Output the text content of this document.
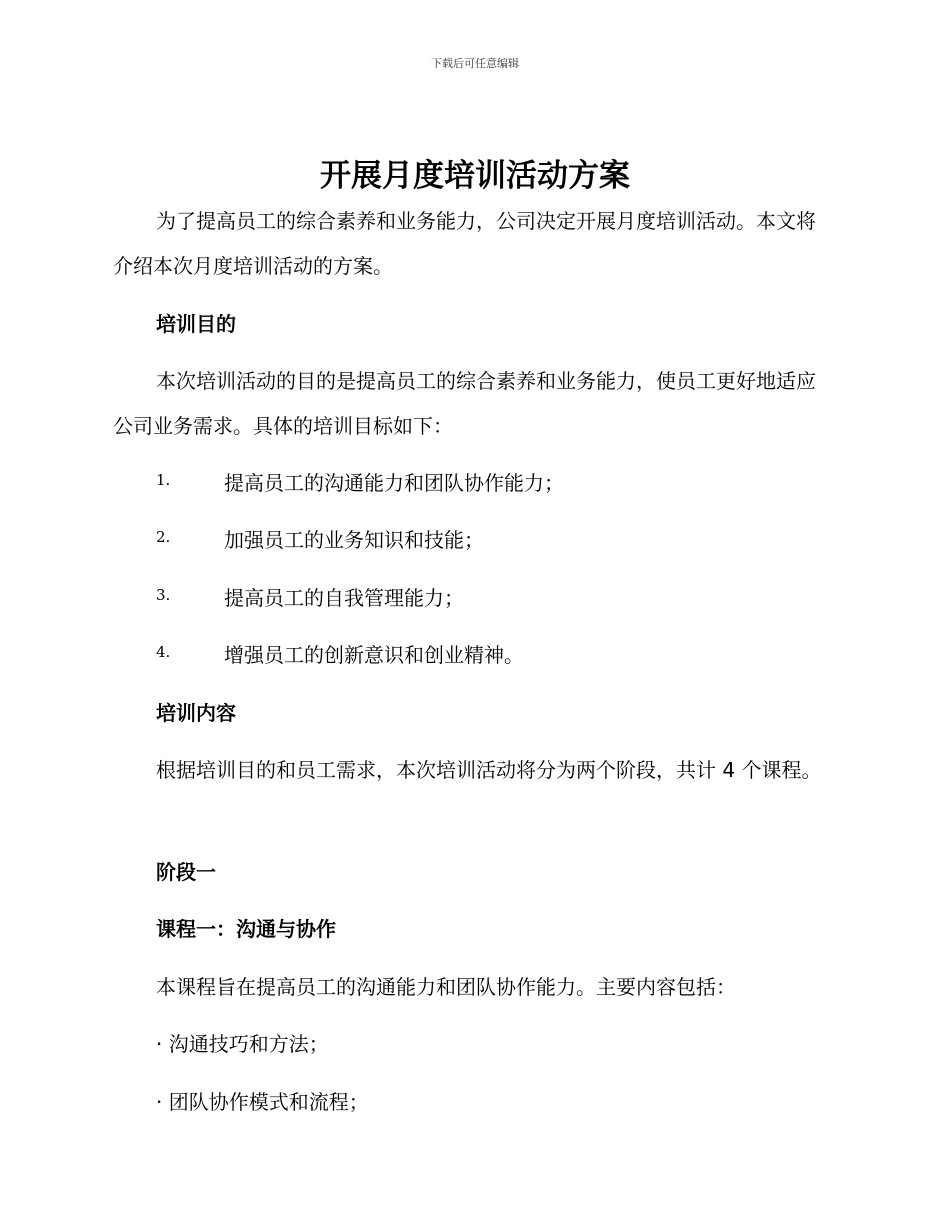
下载后可任意编辑
开展月度培训活动方案
为了提高员工的综合素养和业务能力，公司决定开展月度培训活动。本文将介绍本次月度培训活动的方案。
培训目的
本次培训活动的目的是提高员工的综合素养和业务能力，使员工更好地适应公司业务需求。具体的培训目标如下：
1.	提高员工的沟通能力和团队协作能力；
2.	加强员工的业务知识和技能；
3.	提高员工的自我管理能力；
4.	增强员工的创新意识和创业精神。
培训内容
根据培训目的和员工需求，本次培训活动将分为两个阶段，共计 4 个课程。
阶段一
课程一：沟通与协作
本课程旨在提高员工的沟通能力和团队协作能力。主要内容包括：
· 沟通技巧和方法；
· 团队协作模式和流程；
